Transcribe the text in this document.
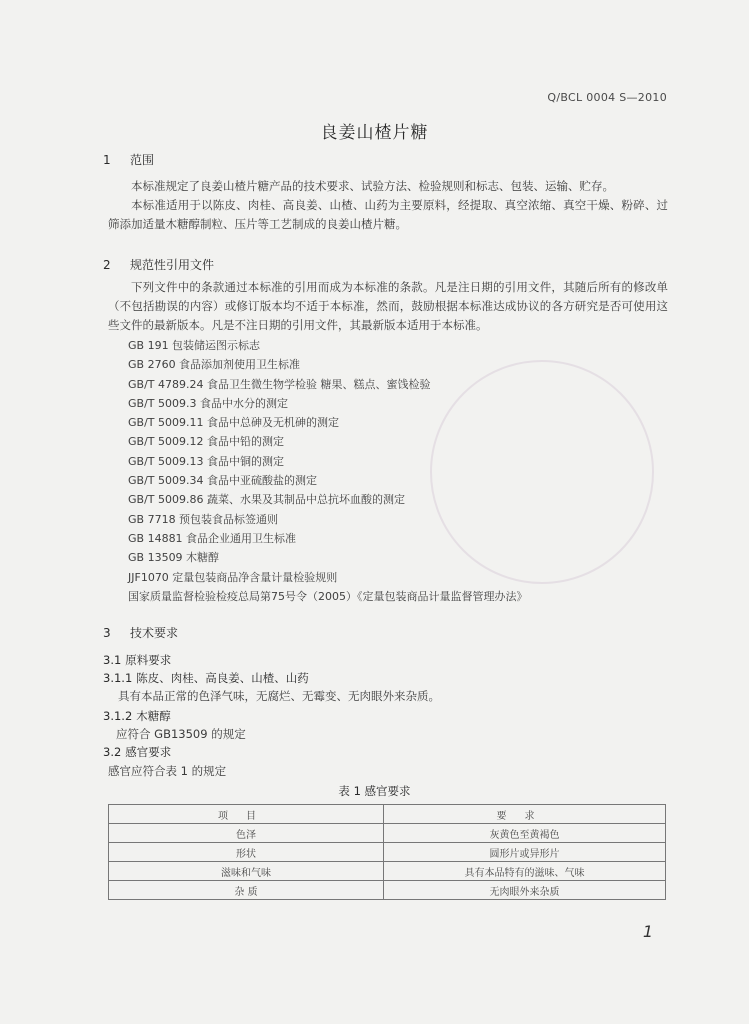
Q/BCL 0004 S—2010
良姜山楂片糖
1 范围

本标准规定了良姜山楂片糖产品的技术要求、试验方法、检验规则和标志、包装、运输、贮存。

本标准适用于以陈皮、肉桂、高良姜、山楂、山药为主要原料，经提取、真空浓缩、真空干燥、粉碎、过筛添加适量木糖醇制粒、压片等工艺制成的良姜山楂片糖。

2 规范性引用文件

下列文件中的条款通过本标准的引用而成为本标准的条款。凡是注日期的引用文件，其随后所有的修改单（不包括勘误的内容）或修订版本均不适于本标准，然而，鼓励根据本标准达成协议的各方研究是否可使用这些文件的最新版本。凡是不注日期的引用文件，其最新版本适用于本标准。

GB 191 包装储运图示标志
GB 2760 食品添加剂使用卫生标准
GB/T 4789.24 食品卫生微生物学检验 糖果、糕点、蜜饯检验
GB/T 5009.3 食品中水分的测定
GB/T 5009.11 食品中总砷及无机砷的测定
GB/T 5009.12 食品中铅的测定
GB/T 5009.13 食品中铜的测定
GB/T 5009.34 食品中亚硫酸盐的测定
GB/T 5009.86 蔬菜、水果及其制品中总抗坏血酸的测定
GB 7718 预包装食品标签通则
GB 14881 食品企业通用卫生标准
GB 13509 木糖醇
JJF1070 定量包装商品净含量计量检验规则
国家质量监督检验检疫总局第75号令（2005）《定量包装商品计量监督管理办法》
3 技术要求
3.1 原料要求
3.1.1 陈皮、肉桂、高良姜、山楂、山药
具有本品正常的色泽气味，无腐烂、无霉变、无肉眼外来杂质。
3.1.2 木糖醇
应符合 GB13509 的规定
3.2 感官要求
感官应符合表 1 的规定
表 1 感官要求
项目	要求
色泽	灰黄色至黄褐色
形状	圆形片或异形片
滋味和气味	具有本品特有的滋味、气味
杂 质	无肉眼外来杂质
1
